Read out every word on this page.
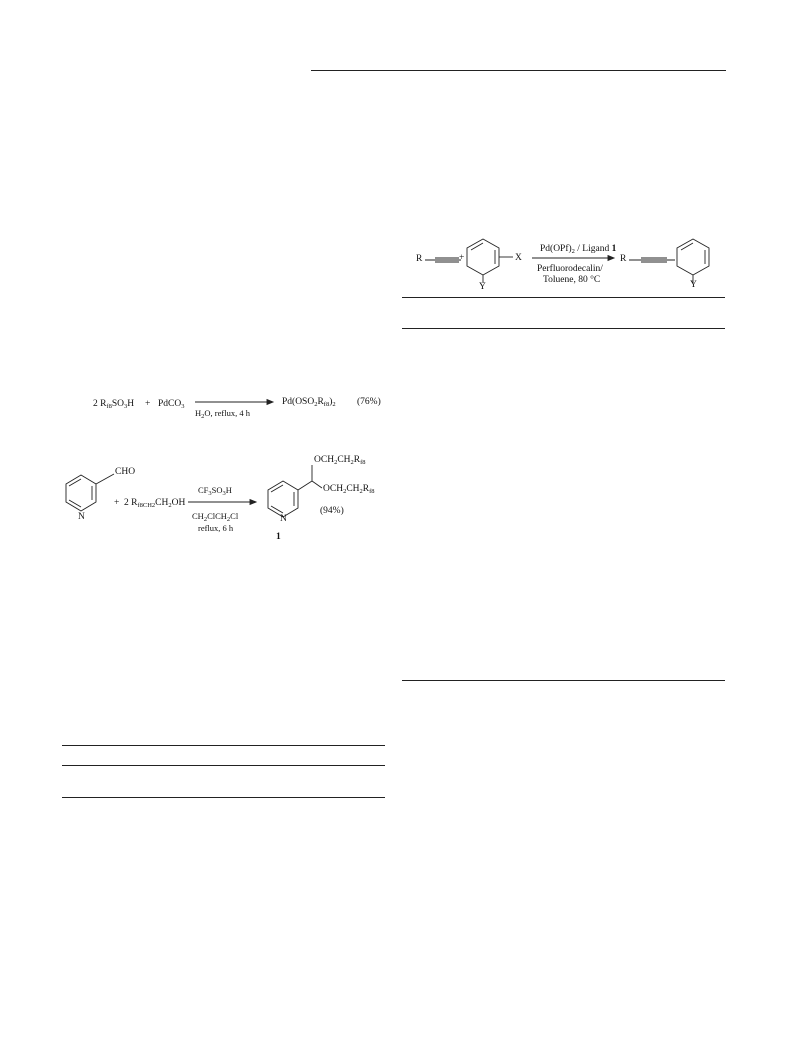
2 $R_{f8}SO_3H$ + PdCO$_3$
$H_2O$, reflux, 4 h
$Pd(OSO_2R_{f8})_2$ (76%)
CHO
N
+ 2 $R_{f8CH2}CH_2OH$
$CF_3SO_3H$
$CH_2ClCH_2Cl$
reflux, 6 h
$OCH_2CH_2R_{f8}$
$OCH_2CH_2R_{f8}$
N
(94%)
1
R	+	X
Y
$Pd(OPf)_2$ / Ligand 1
Perfluorodecalin/
Toluene, 80 °C
R
Y
